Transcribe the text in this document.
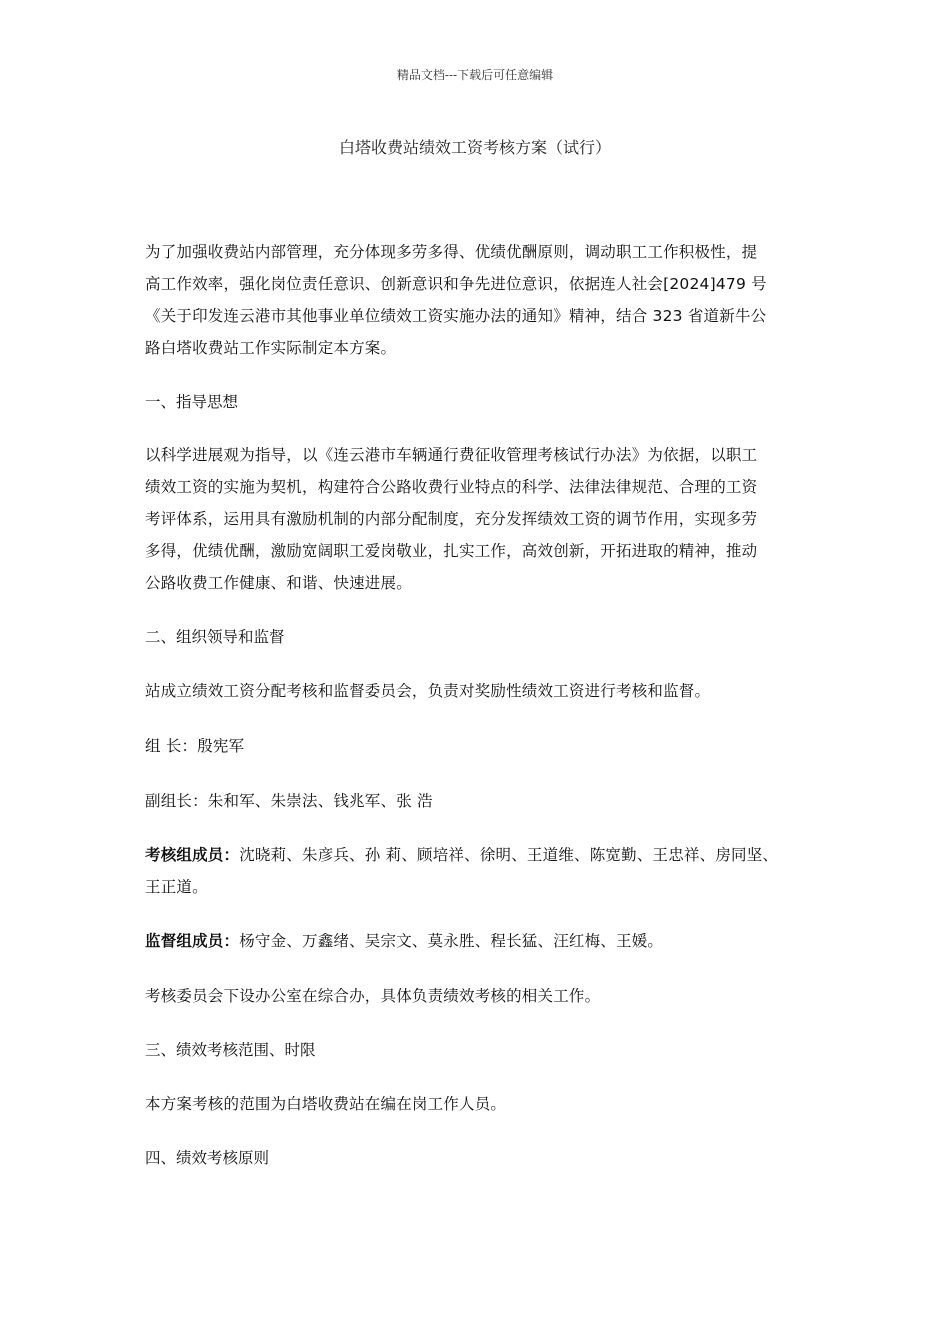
精品文档---下载后可任意编辑
白塔收费站绩效工资考核方案（试行）
为了加强收费站内部管理，充分体现多劳多得、优绩优酬原则，调动职工工作积极性，提
高工作效率，强化岗位责任意识、创新意识和争先进位意识，依据连人社会[2024]479 号
《关于印发连云港市其他事业单位绩效工资实施办法的通知》精神，结合 323 省道新牛公
路白塔收费站工作实际制定本方案。
一、指导思想
以科学进展观为指导，以《连云港市车辆通行费征收管理考核试行办法》为依据，以职工
绩效工资的实施为契机，构建符合公路收费行业特点的科学、法律法律规范、合理的工资
考评体系，运用具有激励机制的内部分配制度，充分发挥绩效工资的调节作用，实现多劳
多得，优绩优酬，激励宽阔职工爱岗敬业，扎实工作，高效创新，开拓进取的精神，推动
公路收费工作健康、和谐、快速进展。
二、组织领导和监督
站成立绩效工资分配考核和监督委员会，负责对奖励性绩效工资进行考核和监督。
组 长：殷宪军
副组长：朱和军、朱崇法、钱兆军、张 浩
考核组成员：沈晓莉、朱彦兵、孙 莉、顾培祥、徐明、王道维、陈宽勤、王忠祥、房同坚、
王正道。
监督组成员：杨守金、万鑫绪、吴宗文、莫永胜、程长猛、汪红梅、王媛。
考核委员会下设办公室在综合办，具体负责绩效考核的相关工作。
三、绩效考核范围、时限
本方案考核的范围为白塔收费站在编在岗工作人员。
四、绩效考核原则
